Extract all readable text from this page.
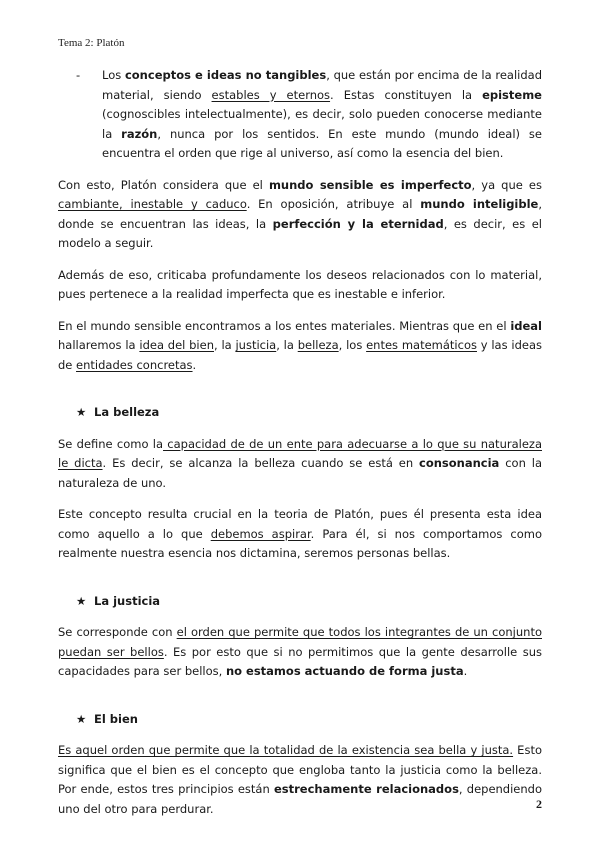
Tema 2: Platón
-	Los conceptos e ideas no tangibles, que están por encima de la realidad material, siendo estables y eternos. Estas constituyen la episteme (cognoscibles intelectualmente), es decir, solo pueden conocerse mediante la razón, nunca por los sentidos. En este mundo (mundo ideal) se encuentra el orden que rige al universo, así como la esencia del bien.

Con esto, Platón considera que el mundo sensible es imperfecto, ya que es cambiante, inestable y caduco. En oposición, atribuye al mundo inteligible, donde se encuentran las ideas, la perfección y la eternidad, es decir, es el modelo a seguir.

Además de eso, criticaba profundamente los deseos relacionados con lo material, pues pertenece a la realidad imperfecta que es inestable e inferior.

En el mundo sensible encontramos a los entes materiales. Mientras que en el ideal hallaremos la idea del bien, la justicia, la belleza, los entes matemáticos y las ideas de entidades concretas.

★ La belleza

Se define como la capacidad de de un ente para adecuarse a lo que su naturaleza le dicta. Es decir, se alcanza la belleza cuando se está en consonancia con la naturaleza de uno.

Este concepto resulta crucial en la teoria de Platón, pues él presenta esta idea como aquello a lo que debemos aspirar. Para él, si nos comportamos como realmente nuestra esencia nos dictamina, seremos personas bellas.

★ La justicia

Se corresponde con el orden que permite que todos los integrantes de un conjunto puedan ser bellos. Es por esto que si no permitimos que la gente desarrolle sus capacidades para ser bellos, no estamos actuando de forma justa.

★ El bien

Es aquel orden que permite que la totalidad de la existencia sea bella y justa. Esto significa que el bien es el concepto que engloba tanto la justicia como la belleza. Por ende, estos tres principios están estrechamente relacionados, dependiendo uno del otro para perdurar.	2
